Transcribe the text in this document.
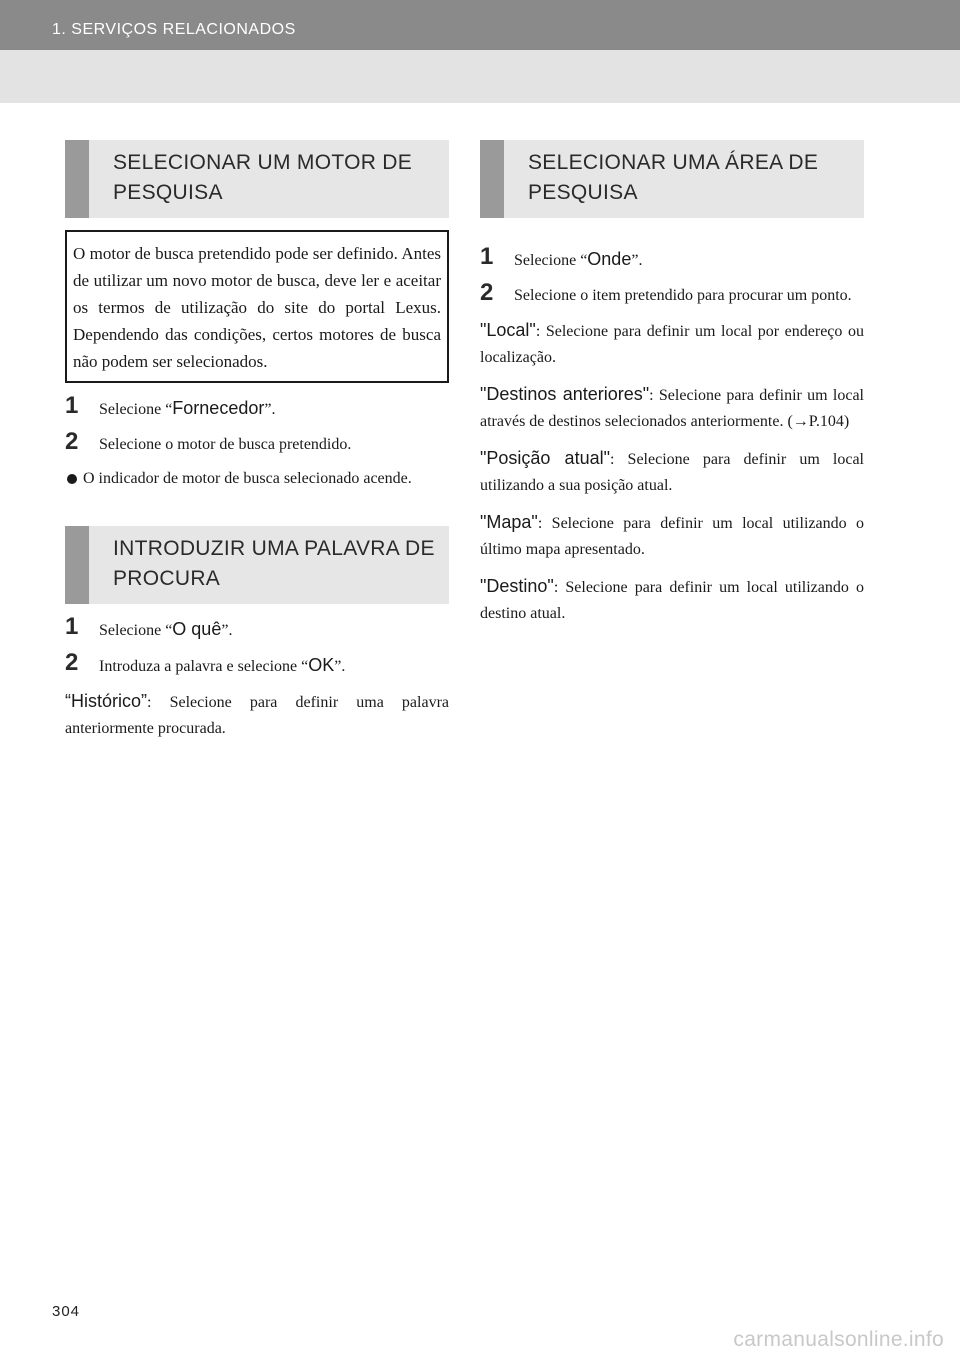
1. SERVIÇOS RELACIONADOS
SELECIONAR UM MOTOR DE PESQUISA
O motor de busca pretendido pode ser definido. Antes de utilizar um novo motor de busca, deve ler e aceitar os termos de utilização do site do portal Lexus. Dependendo das condições, certos motores de busca não podem ser selecionados.
1 Selecione “Fornecedor”.
2 Selecione o motor de busca pretendido.
O indicador de motor de busca selecionado acende.
INTRODUZIR UMA PALAVRA DE PROCURA
1 Selecione “O quê”.
2 Introduza a palavra e selecione “OK”.
“Histórico”: Selecione para definir uma palavra anteriormente procurada.
SELECIONAR UMA ÁREA DE PESQUISA
1 Selecione “Onde”.
2 Selecione o item pretendido para procurar um ponto.
"Local": Selecione para definir um local por endereço ou localização.
"Destinos anteriores": Selecione para definir um local através de destinos selecionados anteriormente. (→P.104)
"Posição atual": Selecione para definir um local utilizando a sua posição atual.
"Mapa": Selecione para definir um local utilizando o último mapa apresentado.
"Destino": Selecione para definir um local utilizando o destino atual.
304
carmanualsonline.info
